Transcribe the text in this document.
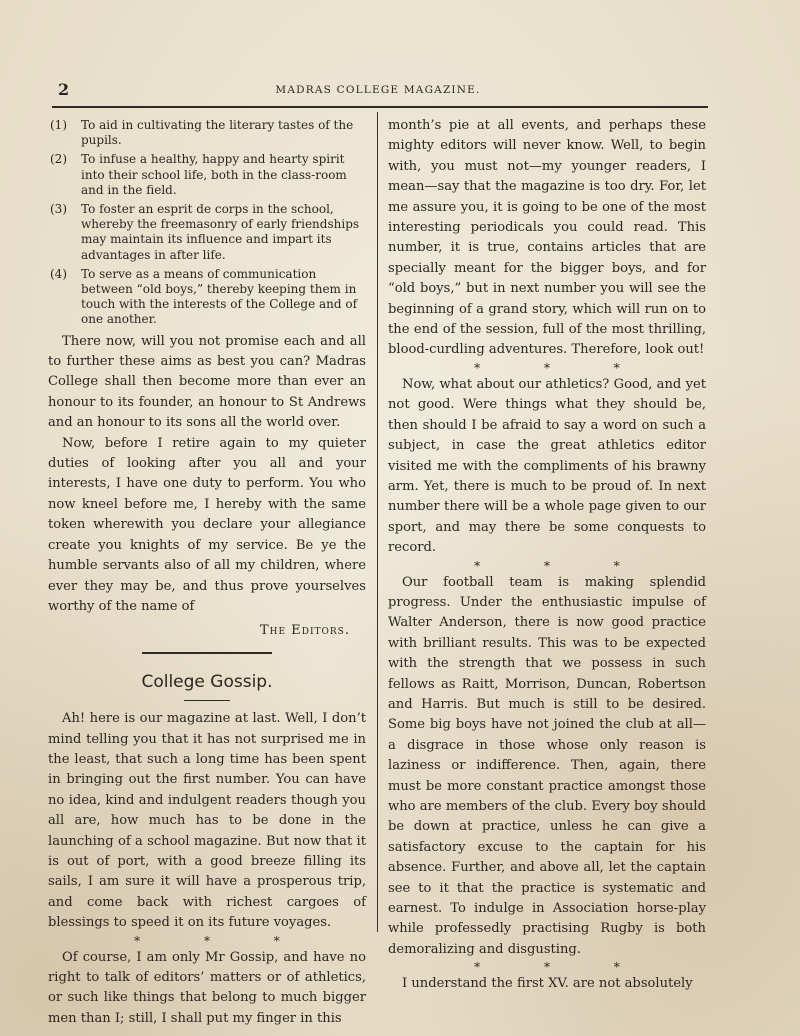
2	MADRAS COLLEGE MAGAZINE.
(1) To aid in cultivating the literary tastes of the pupils.
(2) To infuse a healthy, happy and hearty spirit into their school life, both in the class-room and in the field.
(3) To foster an esprit de corps in the school, whereby the freemasonry of early friendships may maintain its influence and impart its advantages in after life.
(4) To serve as a means of communication between “old boys,” thereby keeping them in touch with the interests of the College and of one another.

There now, will you not promise each and all to further these aims as best you can? Madras College shall then become more than ever an honour to its founder, an honour to St Andrews and an honour to its sons all the world over.

Now, before I retire again to my quieter duties of looking after you all and your interests, I have one duty to perform. You who now kneel before me, I hereby with the same token wherewith you declare your allegiance create you knights of my service. Be ye the humble servants also of all my children, where ever they may be, and thus prove yourselves worthy of the name of

The Editors.
College Gossip.

Ah! here is our magazine at last. Well, I don’t mind telling you that it has not surprised me in the least, that such a long time has been spent in bringing out the first number. You can have no idea, kind and indulgent readers though you all are, how much has to be done in the launching of a school magazine. But now that it is out of port, with a good breeze filling its sails, I am sure it will have a prosperous trip, and come back with richest cargoes of blessings to speed it on its future voyages.

* * *

Of course, I am only Mr Gossip, and have no right to talk of editors’ matters or of athletics, or such like things that belong to much bigger men than I; still, I shall put my finger in this

month’s pie at all events, and perhaps these mighty editors will never know. Well, to begin with, you must not—my younger readers, I mean—say that the magazine is too dry. For, let me assure you, it is going to be one of the most interesting periodicals you could read. This number, it is true, contains articles that are specially meant for the bigger boys, and for “old boys,” but in next number you will see the beginning of a grand story, which will run on to the end of the session, full of the most thrilling, blood-curdling adventures. Therefore, look out!

* * *

Now, what about our athletics? Good, and yet not good. Were things what they should be, then should I be afraid to say a word on such a subject, in case the great athletics editor visited me with the compliments of his brawny arm. Yet, there is much to be proud of. In next number there will be a whole page given to our sport, and may there be some conquests to record.

* * *

Our football team is making splendid progress. Under the enthusiastic impulse of Walter Anderson, there is now good practice with brilliant results. This was to be expected with the strength that we possess in such fellows as Raitt, Morrison, Duncan, Robertson and Harris. But much is still to be desired. Some big boys have not joined the club at all—a disgrace in those whose only reason is laziness or indifference. Then, again, there must be more constant practice amongst those who are members of the club. Every boy should be down at practice, unless he can give a satisfactory excuse to the captain for his absence. Further, and above all, let the captain see to it that the practice is systematic and earnest. To indulge in Association horse-play while professedly practising Rugby is both demoralizing and disgusting.

* * *

I understand the first XV. are not absolutely
